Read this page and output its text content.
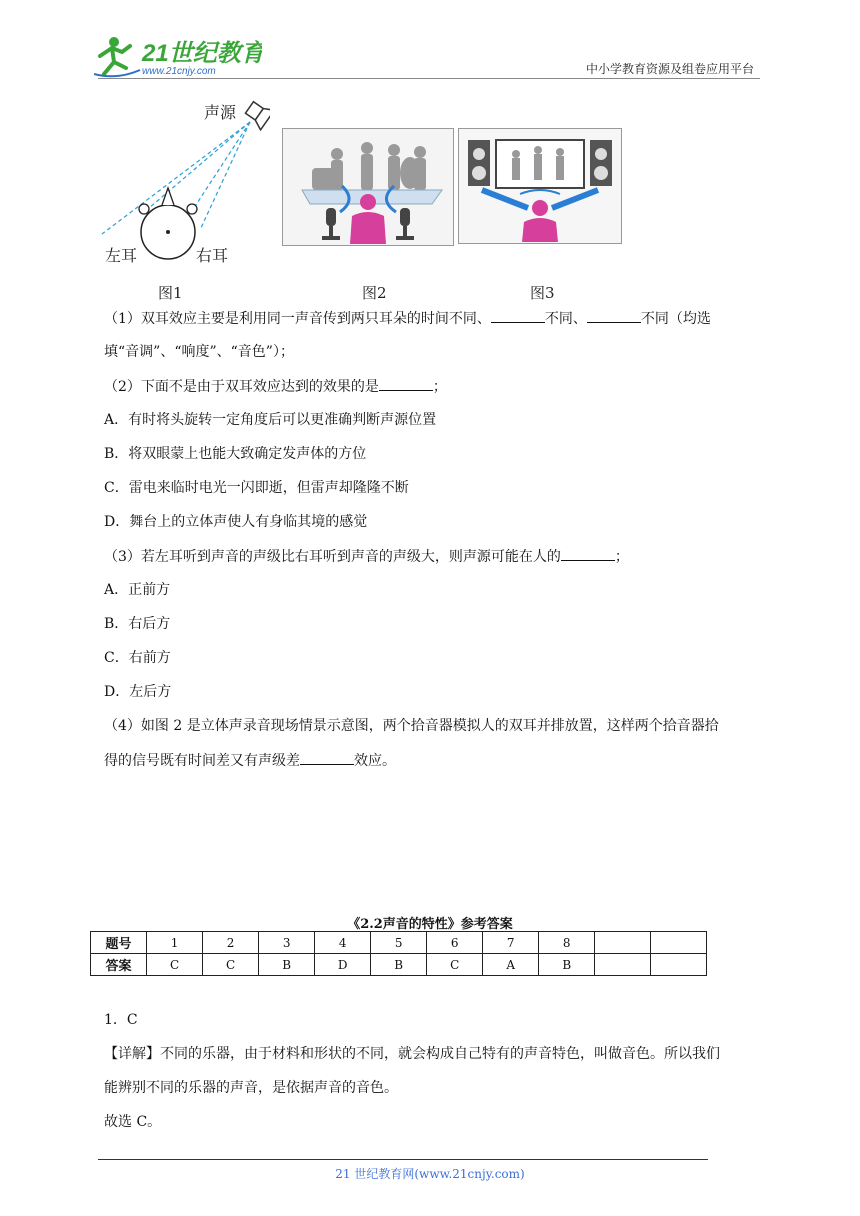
21世纪教育
www.21cnjy.com	中小学教育资源及组卷应用平台
声源
左耳	右耳
图1	图2	图3
（1）双耳效应主要是利用同一声音传到两只耳朵的时间不同、	不同、	不同（均选
填“音调”、“响度”、“音色”）；
（2）下面不是由于双耳效应达到的效果的是	；
A．有时将头旋转一定角度后可以更准确判断声源位置
B．将双眼蒙上也能大致确定发声体的方位
C．雷电来临时电光一闪即逝，但雷声却隆隆不断
D．舞台上的立体声使人有身临其境的感觉
（3）若左耳听到声音的声级比右耳听到声音的声级大，则声源可能在人的	；
A．正前方
B．右后方
C．右前方
D．左后方
（4）如图 2 是立体声录音现场情景示意图，两个拾音器模拟人的双耳并排放置，这样两个拾音器拾
得的信号既有时间差又有声级差	效应。
《2.2声音的特性》参考答案
题号	1	2	3	4	5	6	7	8		
答案	C	C	B	D	B	C	A	B		
1．C
【详解】不同的乐器，由于材料和形状的不同，就会构成自己特有的声音特色，叫做音色。所以我们
能辨别不同的乐器的声音，是依据声音的音色。
故选 C。
21 世纪教育网(www.21cnjy.com)
